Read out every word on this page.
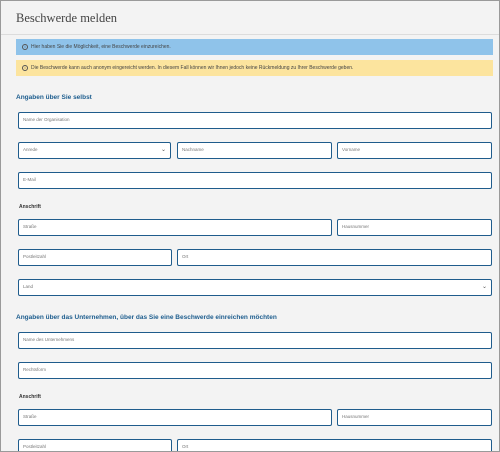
Beschwerde melden
i	Hier haben Sie die Möglichkeit, eine Beschwerde einzureichen.
i	Die Beschwerde kann auch anonym eingereicht werden. In diesem Fall können wir Ihnen jedoch keine Rückmeldung zu Ihrer Beschwerde geben.
Angaben über Sie selbst
Name der Organisation
Anrede	⌄	Nachname	Vorname
E-Mail
Anschrift
Straße	Hausnummer
Postleitzahl	Ort
Land	⌄
Angaben über das Unternehmen, über das Sie eine Beschwerde einreichen möchten
Name des Unternehmens
Rechtsform
Anschrift
Straße	Hausnummer
Postleitzahl	Ort
